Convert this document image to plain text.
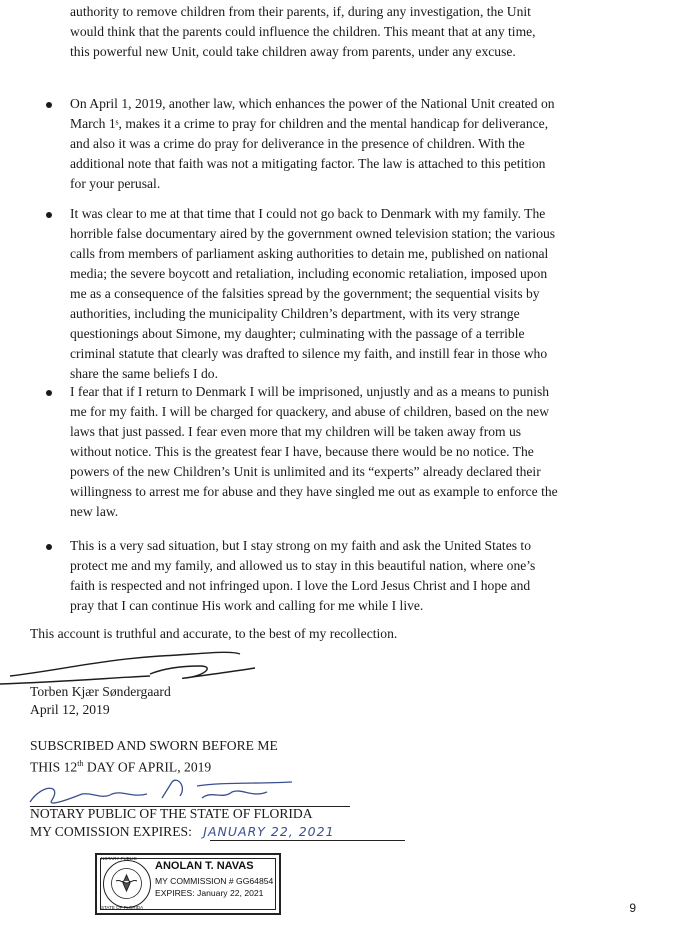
authority to remove children from their parents, if, during any investigation, the Unit
would think that the parents could influence the children. This meant that at any time,
this powerful new Unit, could take children away from parents, under any excuse.
On April 1, 2019, another law, which enhances the power of the National Unit created on
March 1ˢ, makes it a crime to pray for children and the mental handicap for deliverance,
and also it was a crime do pray for deliverance in the presence of children. With the
additional note that faith was not a mitigating factor. The law is attached to this petition
for your perusal.
It was clear to me at that time that I could not go back to Denmark with my family. The
horrible false documentary aired by the government owned television station; the various
calls from members of parliament asking authorities to detain me, published on national
media; the severe boycott and retaliation, including economic retaliation, imposed upon
me as a consequence of the falsities spread by the government; the sequential visits by
authorities, including the municipality Children’s department, with its very strange
questionings about Simone, my daughter; culminating with the passage of a terrible
criminal statute that clearly was drafted to silence my faith, and instill fear in those who
share the same beliefs I do.
I fear that if I return to Denmark I will be imprisoned, unjustly and as a means to punish
me for my faith. I will be charged for quackery, and abuse of children, based on the new
laws that just passed. I fear even more that my children will be taken away from us
without notice. This is the greatest fear I have, because there would be no notice. The
powers of the new Children’s Unit is unlimited and its “experts” already declared their
willingness to arrest me for abuse and they have singled me out as example to enforce the
new law.
This is a very sad situation, but I stay strong on my faith and ask the United States to
protect me and my family, and allowed us to stay in this beautiful nation, where one’s
faith is respected and not infringed upon. I love the Lord Jesus Christ and I hope and
pray that I can continue His work and calling for me while I live.
This account is truthful and accurate, to the best of my recollection.
Torben Kjær Søndergaard
April 12, 2019
SUBSCRIBED AND SWORN BEFORE ME
THIS 12th DAY OF APRIL, 2019
NOTARY PUBLIC OF THE STATE OF FLORIDA
MY COMISSION EXPIRES: JANUARY 22, 2021
NOTARY PUBLIC
STATE OF FLORIDA
ANOLAN T. NAVAS
MY COMMISSION # GG64854
EXPIRES: January 22, 2021
9
